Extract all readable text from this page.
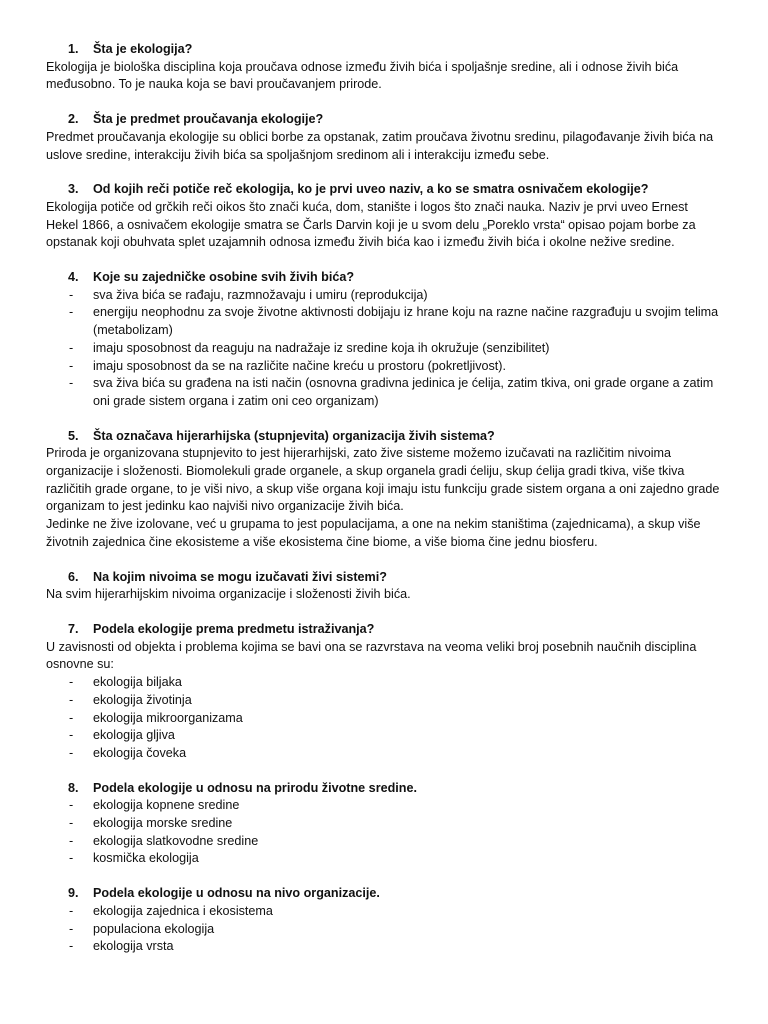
1. Šta je ekologija?

Ekologija je biološka disciplina koja proučava odnose između živih bića i spoljašnje sredine, ali i odnose živih bića međusobno. To je nauka koja se bavi proučavanjem prirode.

2. Šta je predmet proučavanja ekologije?

Predmet proučavanja ekologije su oblici borbe za opstanak, zatim proučava životnu sredinu, pilagođavanje živih bića na uslove sredine, interakciju živih bića sa spoljašnjom sredinom ali i interakciju između sebe.

3. Od kojih reči potiče reč ekologija, ko je prvi uveo naziv, a ko se smatra osnivačem ekologije?

Ekologija potiče od grčkih reči oikos što znači kuća, dom, stanište i logos što znači nauka. Naziv je prvi uveo Ernest Hekel 1866, a osnivačem ekologije smatra se Čarls Darvin koji je u svom delu „Poreklo vrsta“ opisao pojam borbe za opstanak koji obuhvata splet uzajamnih odnosa između živih bića kao i između živih bića i okolne nežive sredine.

4. Koje su zajedničke osobine svih živih bića?

- sva živa bića se rađaju, razmnožavaju i umiru (reprodukcija)
- energiju neophodnu za svoje životne aktivnosti dobijaju iz hrane koju na razne načine razgrađuju u svojim telima (metabolizam)
- imaju sposobnost da reaguju na nadražaje iz sredine koja ih okružuje (senzibilitet)
- imaju sposobnost da se na različite načine kreću u prostoru (pokretljivost).
- sva živa bića su građena na isti način (osnovna gradivna jedinica je ćelija, zatim tkiva, oni grade organe a zatim oni grade sistem organa i zatim oni ceo organizam)

5. Šta označava hijerarhijska (stupnjevita) organizacija živih sistema?

Priroda je organizovana stupnjevito to jest hijerarhijski, zato žive sisteme možemo izučavati na različitim nivoima organizacije i složenosti. Biomolekuli grade organele, a skup organela gradi ćeliju, skup ćelija gradi tkiva, više tkiva različitih grade organe, to je viši nivo, a skup više organa koji imaju istu funkciju grade sistem organa a oni zajedno grade organizam to jest jedinku kao najviši nivo organizacije živih bića.

Jedinke ne žive izolovane, već u grupama to jest populacijama, a one na nekim staništima (zajednicama), a skup više životnih zajednica čine ekosisteme a više ekosistema čine biome, a više bioma čine jednu biosferu.

6. Na kojim nivoima se mogu izučavati živi sistemi?

Na svim hijerarhijskim nivoima organizacije i složenosti živih bića.

7. Podela ekologije prema predmetu istraživanja?

U zavisnosti od objekta i problema kojima se bavi ona se razvrstava na veoma veliki broj posebnih naučnih disciplina osnovne su:

- ekologija biljaka
- ekologija životinja
- ekologija mikroorganizama
- ekologija gljiva
- ekologija čoveka

8. Podela ekologije u odnosu na prirodu životne sredine.

- ekologija kopnene sredine
- ekologija morske sredine
- ekologija slatkovodne sredine
- kosmička ekologija

9. Podela ekologije u odnosu na nivo organizacije.

- ekologija zajednica i ekosistema
- populaciona ekologija
- ekologija vrsta
